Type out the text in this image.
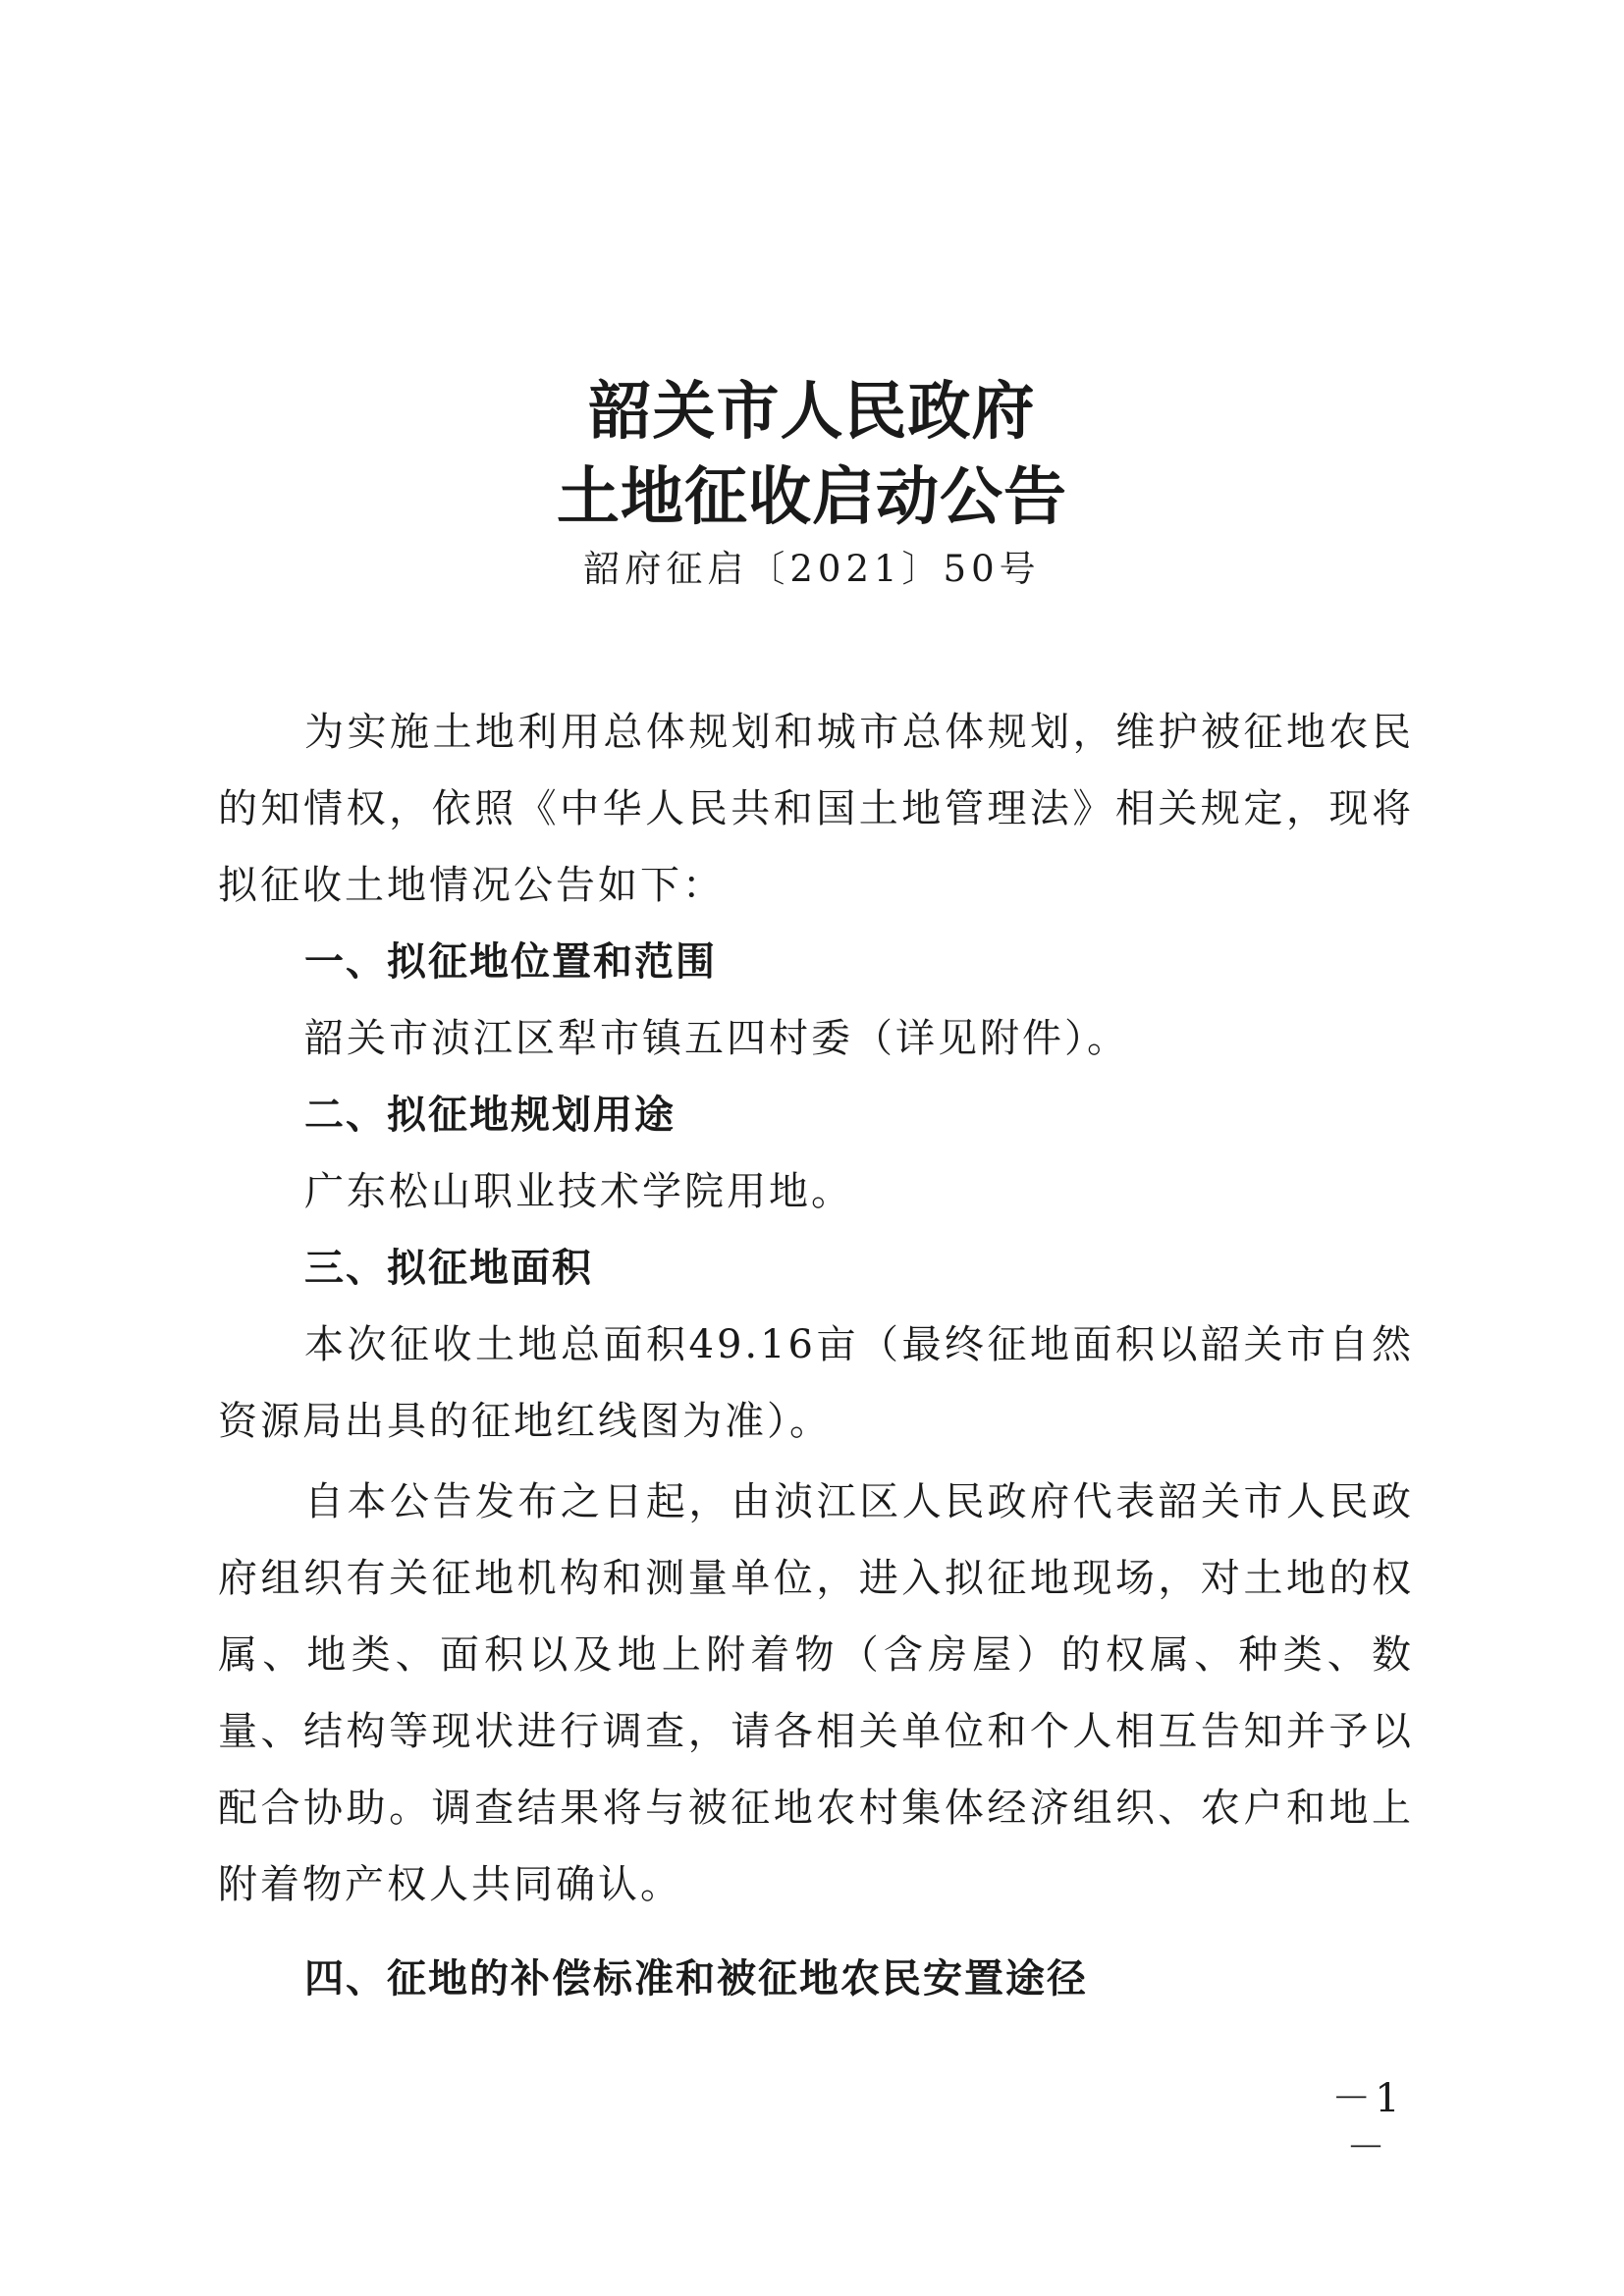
韶关市人民政府
土地征收启动公告
韶府征启〔2021〕50号

为实施土地利用总体规划和城市总体规划，维护被征地农民的知情权，依照《中华人民共和国土地管理法》相关规定，现将拟征收土地情况公告如下：

一、拟征地位置和范围

韶关市浈江区犁市镇五四村委（详见附件）。

二、拟征地规划用途

广东松山职业技术学院用地。

三、拟征地面积

本次征收土地总面积49.16亩（最终征地面积以韶关市自然资源局出具的征地红线图为准）。

自本公告发布之日起，由浈江区人民政府代表韶关市人民政府组织有关征地机构和测量单位，进入拟征地现场，对土地的权属、地类、面积以及地上附着物（含房屋）的权属、种类、数量、结构等现状进行调查，请各相关单位和个人相互告知并予以配合协助。调查结果将与被征地农村集体经济组织、农户和地上附着物产权人共同确认。

四、征地的补偿标准和被征地农民安置途径

－1－
